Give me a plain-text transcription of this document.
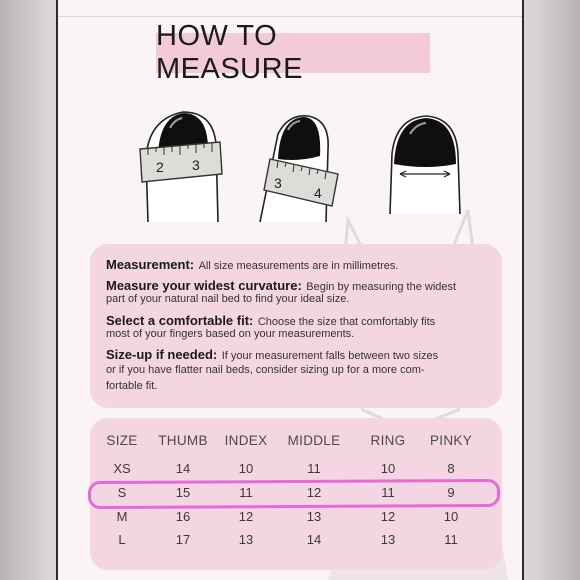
HOW TO MEASURE
2 3
3
4
Measurement: All size measurements are in millimetres.
Measure your widest curvature: Begin by measuring the widest
part of your natural nail bed to find your ideal size.
Select a comfortable fit: Choose the size that comfortably fits
most of your fingers based on your measurements.
Size-up if needed: If your measurement falls between two sizes
or if you have flatter nail beds, consider sizing up for a more com-
fortable fit.
SIZE	THUMB	INDEX	MIDDLE	RING	PINKY
XS	14	10	11	10	8
S	15	11	12	11	9
M	16	12	13	12	10
L	17	13	14	13	11
